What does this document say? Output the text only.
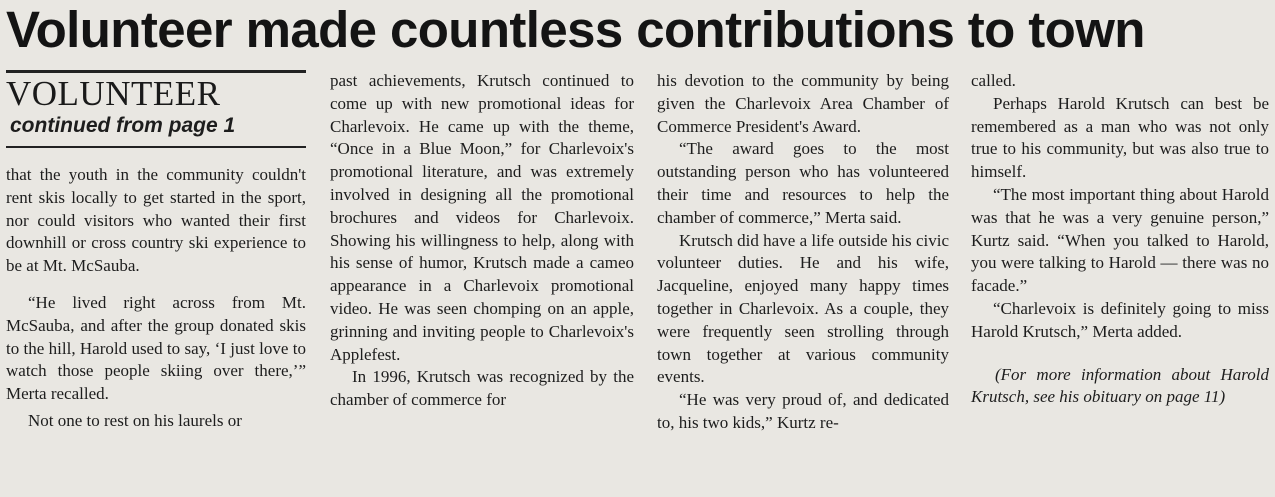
Volunteer made countless contributions to town
VOLUNTEER
continued from page 1

that the youth in the community couldn't rent skis locally to get started in the sport, nor could visitors who wanted their first downhill or cross country ski experience to be at Mt. McSauba.

“He lived right across from Mt. McSauba, and after the group donated skis to the hill, Harold used to say, ‘I just love to watch those people skiing over there,’” Merta recalled.

Not one to rest on his laurels or

past achievements, Krutsch continued to come up with new promotional ideas for Charlevoix. He came up with the theme, “Once in a Blue Moon,” for Charlevoix's promotional literature, and was extremely involved in designing all the promotional brochures and videos for Charlevoix. Showing his willingness to help, along with his sense of humor, Krutsch made a cameo appearance in a Charlevoix promotional video. He was seen chomping on an apple, grinning and inviting people to Charlevoix's Applefest.

In 1996, Krutsch was recognized by the chamber of commerce for

his devotion to the community by being given the Charlevoix Area Chamber of Commerce President's Award.

“The award goes to the most outstanding person who has volunteered their time and resources to help the chamber of commerce,” Merta said.

Krutsch did have a life outside his civic volunteer duties. He and his wife, Jacqueline, enjoyed many happy times together in Charlevoix. As a couple, they were frequently seen strolling through town together at various community events.

“He was very proud of, and dedicated to, his two kids,” Kurtz re-

called.

Perhaps Harold Krutsch can best be remembered as a man who was not only true to his community, but was also true to himself.

“The most important thing about Harold was that he was a very genuine person,” Kurtz said. “When you talked to Harold, you were talking to Harold — there was no facade.”

“Charlevoix is definitely going to miss Harold Krutsch,” Merta added.

(For more information about Harold Krutsch, see his obituary on page 11)
